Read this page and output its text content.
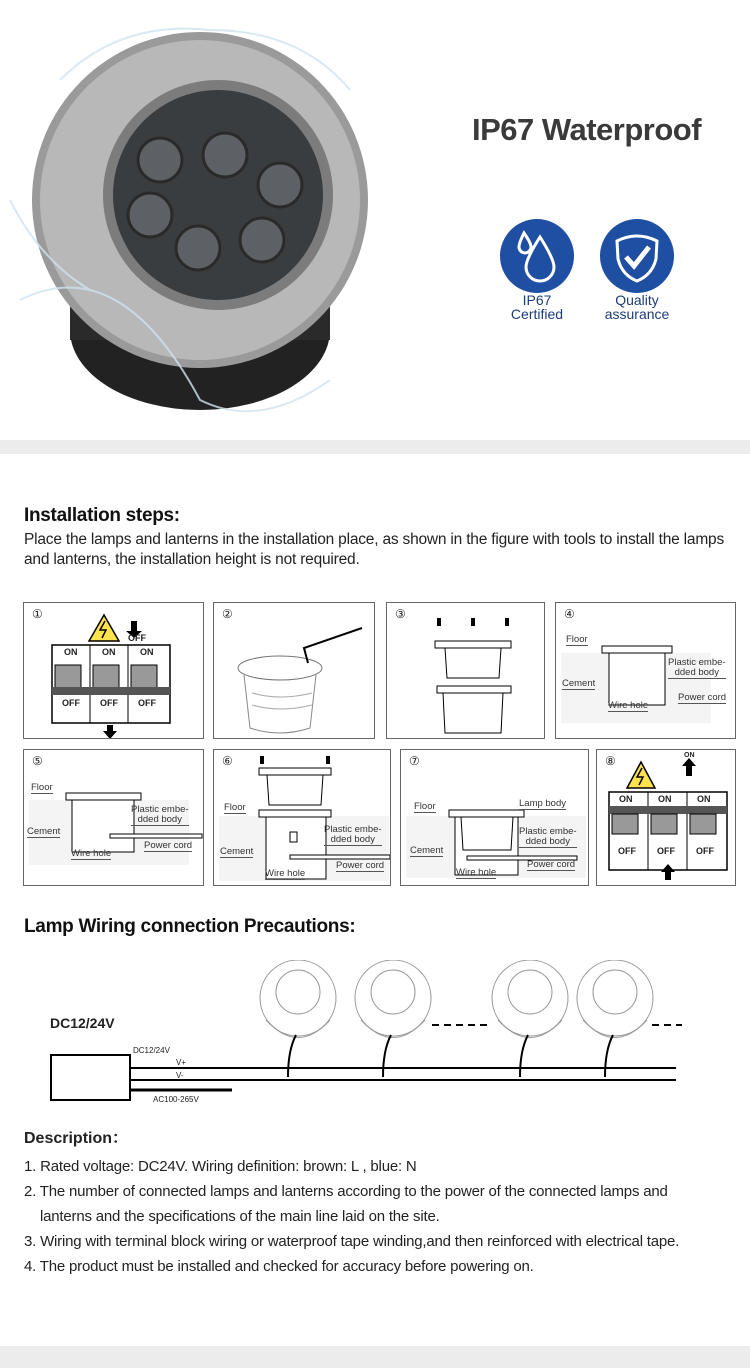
IP67 Waterproof
IP67
Certified
Quality
assurance
Installation steps:
Place the lamps and lanterns in the installation place, as shown in the figure with tools to install the lamps and lanterns, the installation height is not required.
①
OFF
ON	ON	ON
OFF OFF OFF
②	③	④
Floor
Plastic embe-
dded body
Cement
Power cord
Wire hole
⑤
Floor
Plastic embe-
dded body
Cement
Power cord
Wire hole
⑥
Floor
Plastic embe-
dded body
Cement
Power cord
Wire hole
⑦
Floor	Lamp body
Plastic embe-
dded body
Cement
Power cord
Wire hole
⑧	ON
ON	ON	ON
OFF OFF OFF
Lamp Wiring connection Precautions:
DC12/24V
DC12/24V
V+
V-
AC100-265V
Description：
1. Rated voltage: DC24V. Wiring definition: brown: L , blue: N
2. The number of connected lamps and lanterns according to the power of the connected lamps and
lanterns and the specifications of the main line laid on the site.
3. Wiring with terminal block wiring or waterproof tape winding,and then reinforced with electrical tape.
4. The product must be installed and checked for accuracy before powering on.
